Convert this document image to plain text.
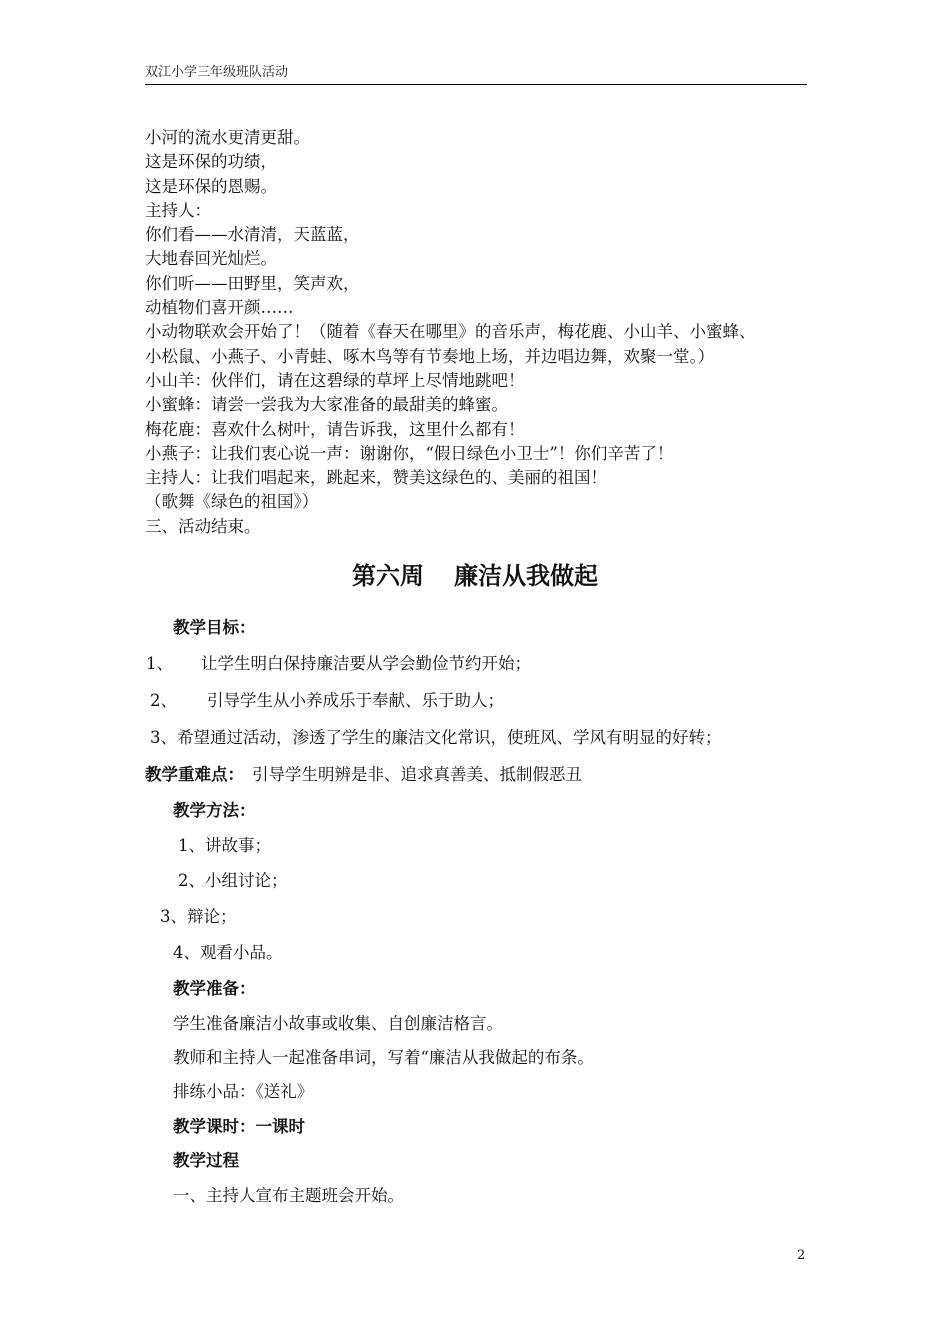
双江小学三年级班队活动

小河的流水更清更甜。

这是环保的功绩，

这是环保的恩赐。

主持人：

你们看——水清清，天蓝蓝，

大地春回光灿烂。

你们听——田野里，笑声欢，

动植物们喜开颜……

小动物联欢会开始了！（随着《春天在哪里》的音乐声，梅花鹿、小山羊、小蜜蜂、

小松鼠、小燕子、小青蛙、啄木鸟等有节奏地上场，并边唱边舞，欢聚一堂。）

小山羊：伙伴们，请在这碧绿的草坪上尽情地跳吧！

小蜜蜂：请尝一尝我为大家准备的最甜美的蜂蜜。

梅花鹿：喜欢什么树叶，请告诉我，这里什么都有！

小燕子：让我们衷心说一声：谢谢你，“假日绿色小卫士”！你们辛苦了！

主持人：让我们唱起来，跳起来，赞美这绿色的、美丽的祖国！

（歌舞《绿色的祖国》）

三、活动结束。

第六周 廉洁从我做起
教学目标：
1、 让学生明白保持廉洁要从学会勤俭节约开始；
2、 引导学生从小养成乐于奉献、乐于助人；
3、希望通过活动，渗透了学生的廉洁文化常识，使班风、学风有明显的好转；
教学重难点： 引导学生明辨是非、追求真善美、抵制假恶丑
教学方法：
1、讲故事；
2、小组讨论；
3、辩论；
4、观看小品。
教学准备：
学生准备廉洁小故事或收集、自创廉洁格言。
教师和主持人一起准备串词，写着“廉洁从我做起的布条。
排练小品：《送礼》
教学课时：一课时
教学过程
一、主持人宣布主题班会开始。
2
